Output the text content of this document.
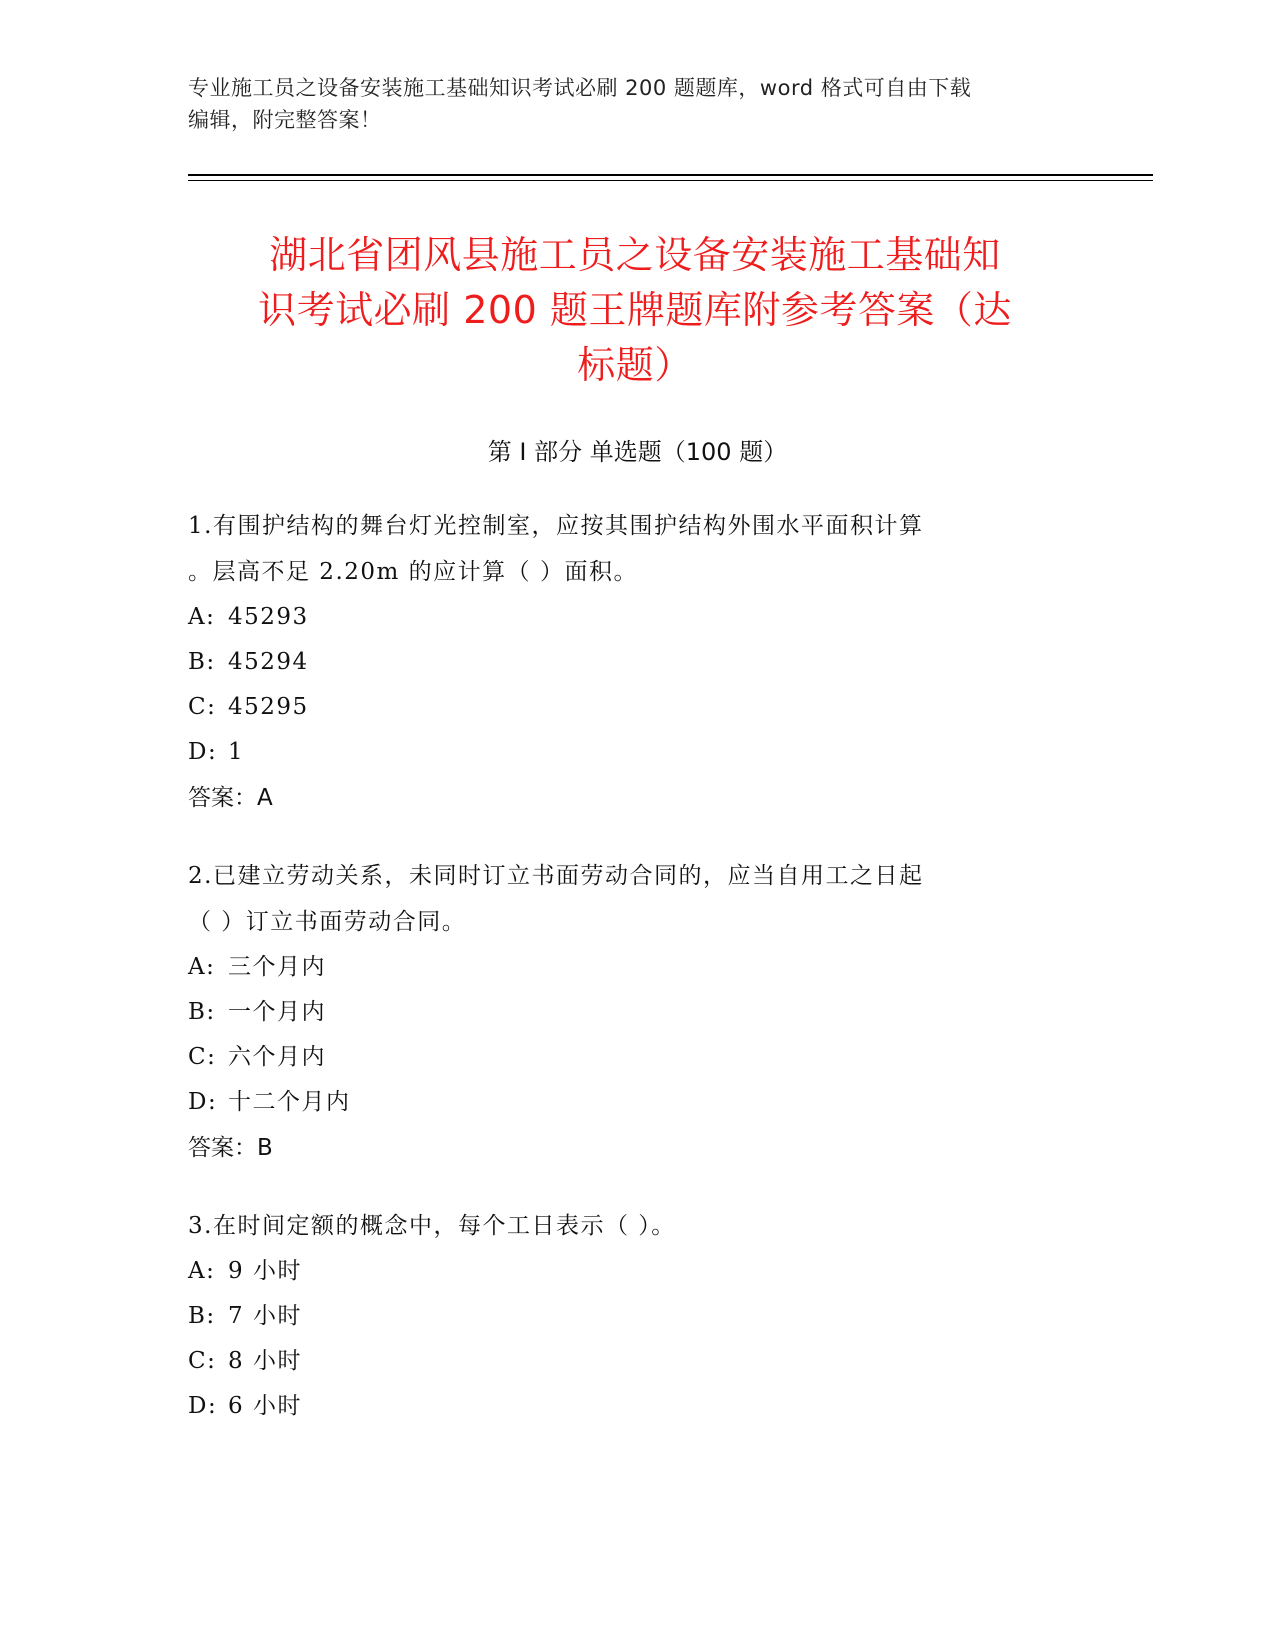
专业施工员之设备安装施工基础知识考试必刷 200 题题库，word 格式可自由下载
编辑，附完整答案！
湖北省团风县施工员之设备安装施工基础知
识考试必刷 200 题王牌题库附参考答案（达
标题）
第 I 部分 单选题（100 题）
1.有围护结构的舞台灯光控制室，应按其围护结构外围水平面积计算
。层高不足 2.20m 的应计算（ ）面积。
A: 45293
B: 45294
C: 45295
D: 1
答案：A
2.已建立劳动关系，未同时订立书面劳动合同的，应当自用工之日起
（ ）订立书面劳动合同。
A: 三个月内
B: 一个月内
C: 六个月内
D: 十二个月内
答案：B
3.在时间定额的概念中，每个工日表示（ ）。
A: 9 小时
B: 7 小时
C: 8 小时
D: 6 小时
